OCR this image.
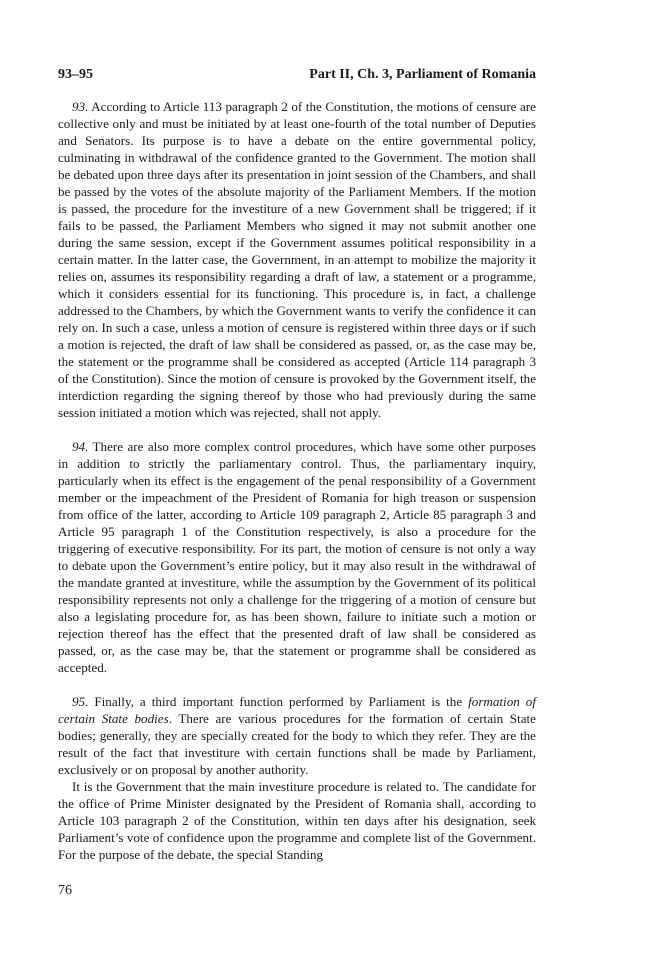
93–95	Part II, Ch. 3, Parliament of Romania

93. According to Article 113 paragraph 2 of the Constitution, the motions of censure are collective only and must be initiated by at least one-fourth of the total number of Deputies and Senators. Its purpose is to have a debate on the entire governmental policy, culminating in withdrawal of the confidence granted to the Government. The motion shall be debated upon three days after its presentation in joint session of the Chambers, and shall be passed by the votes of the absolute majority of the Parliament Members. If the motion is passed, the procedure for the investiture of a new Government shall be triggered; if it fails to be passed, the Parliament Members who signed it may not submit another one during the same session, except if the Government assumes political responsibility in a certain matter. In the latter case, the Government, in an attempt to mobilize the majority it relies on, assumes its responsibility regarding a draft of law, a statement or a programme, which it considers essential for its functioning. This procedure is, in fact, a challenge addressed to the Chambers, by which the Government wants to verify the confidence it can rely on. In such a case, unless a motion of censure is registered within three days or if such a motion is rejected, the draft of law shall be considered as passed, or, as the case may be, the statement or the programme shall be considered as accepted (Article 114 paragraph 3 of the Constitution). Since the motion of censure is provoked by the Government itself, the interdiction regarding the signing thereof by those who had previously during the same session initiated a motion which was rejected, shall not apply.

94. There are also more complex control procedures, which have some other purposes in addition to strictly the parliamentary control. Thus, the parliamentary inquiry, particularly when its effect is the engagement of the penal responsibility of a Government member or the impeachment of the President of Romania for high treason or suspension from office of the latter, according to Article 109 paragraph 2, Article 85 paragraph 3 and Article 95 paragraph 1 of the Constitution respectively, is also a procedure for the triggering of executive responsibility. For its part, the motion of censure is not only a way to debate upon the Government’s entire policy, but it may also result in the withdrawal of the mandate granted at investiture, while the assumption by the Government of its political responsibility represents not only a challenge for the triggering of a motion of censure but also a legislating procedure for, as has been shown, failure to initiate such a motion or rejection thereof has the effect that the presented draft of law shall be considered as passed, or, as the case may be, that the statement or programme shall be considered as accepted.

95. Finally, a third important function performed by Parliament is the formation of certain State bodies. There are various procedures for the formation of certain State bodies; generally, they are specially created for the body to which they refer. They are the result of the fact that investiture with certain functions shall be made by Parliament, exclusively or on proposal by another authority.

It is the Government that the main investiture procedure is related to. The candidate for the office of Prime Minister designated by the President of Romania shall, according to Article 103 paragraph 2 of the Constitution, within ten days after his designation, seek Parliament’s vote of confidence upon the programme and complete list of the Government. For the purpose of the debate, the special Standing

76
